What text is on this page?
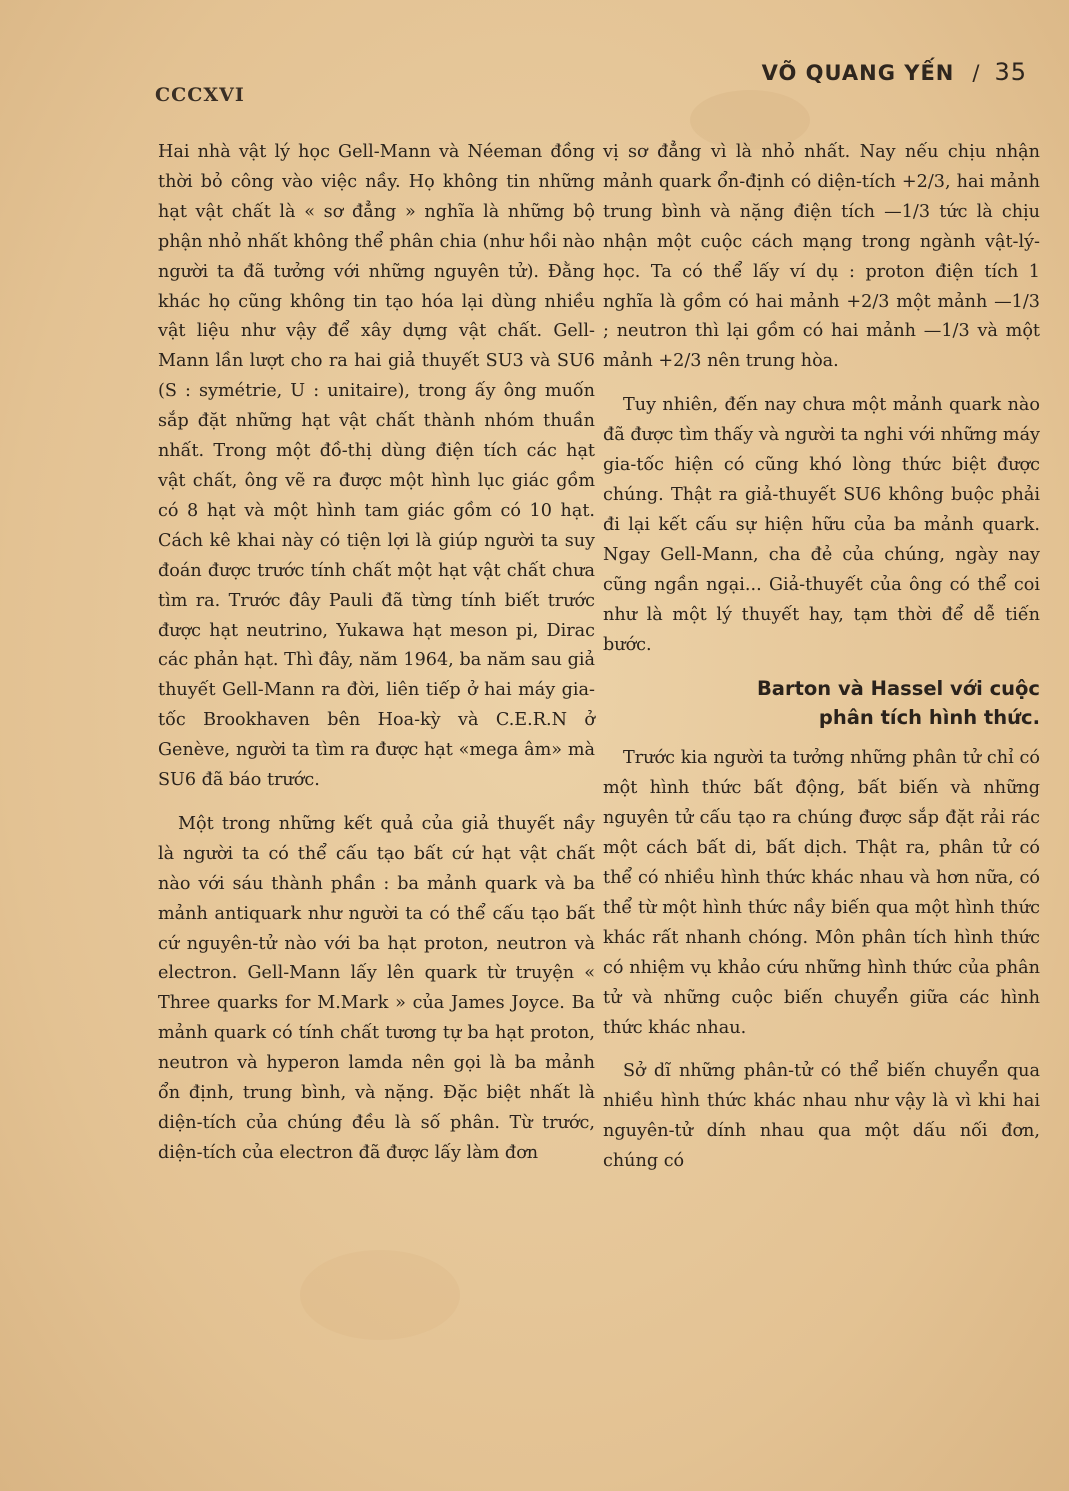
CCCXVI
VÕ QUANG YẾN / 35

Hai nhà vật lý học Gell-Mann và Néeman đồng thời bỏ công vào việc nầy. Họ không tin những hạt vật chất là « sơ đẳng » nghĩa là những bộ phận nhỏ nhất không thể phân chia (như hồi nào người ta đã tưởng với những nguyên tử). Đằng khác họ cũng không tin tạo hóa lại dùng nhiều vật liệu như vậy để xây dựng vật chất. Gell-Mann lần lượt cho ra hai giả thuyết SU3 và SU6 (S : symétrie, U : unitaire), trong ấy ông muốn sắp đặt những hạt vật chất thành nhóm thuần nhất. Trong một đồ-thị dùng điện tích các hạt vật chất, ông vẽ ra được một hình lục giác gồm có 8 hạt và một hình tam giác gồm có 10 hạt. Cách kê khai này có tiện lợi là giúp người ta suy đoán được trước tính chất một hạt vật chất chưa tìm ra. Trước đây Pauli đã từng tính biết trước được hạt neutrino, Yukawa hạt meson pi, Dirac các phản hạt. Thì đây, năm 1964, ba năm sau giả thuyết Gell-Mann ra đời, liên tiếp ở hai máy gia-tốc Brookhaven bên Hoa-kỳ và C.E.R.N ở Genève, người ta tìm ra được hạt «mega âm» mà SU6 đã báo trước.

Một trong những kết quả của giả thuyết nầy là người ta có thể cấu tạo bất cứ hạt vật chất nào với sáu thành phần : ba mảnh quark và ba mảnh antiquark như người ta có thể cấu tạo bất cứ nguyên-tử nào với ba hạt proton, neutron và electron. Gell-Mann lấy lên quark từ truyện « Three quarks for M.Mark » của James Joyce. Ba mảnh quark có tính chất tương tự ba hạt proton, neutron và hyperon lamda nên gọi là ba mảnh ổn định, trung bình, và nặng. Đặc biệt nhất là diện-tích của chúng đều là số phân. Từ trước, diện-tích của electron đã được lấy làm đơn

vị sơ đẳng vì là nhỏ nhất. Nay nếu chịu nhận mảnh quark ổn-định có diện-tích +2/3, hai mảnh trung bình và nặng điện tích —1/3 tức là chịu nhận một cuộc cách mạng trong ngành vật-lý-học. Ta có thể lấy ví dụ : proton điện tích 1 nghĩa là gồm có hai mảnh +2/3 một mảnh —1/3 ; neutron thì lại gồm có hai mảnh —1/3 và một mảnh +2/3 nên trung hòa.

Tuy nhiên, đến nay chưa một mảnh quark nào đã được tìm thấy và người ta nghi với những máy gia-tốc hiện có cũng khó lòng thức biệt được chúng. Thật ra giả-thuyết SU6 không buộc phải đi lại kết cấu sự hiện hữu của ba mảnh quark. Ngay Gell-Mann, cha đẻ của chúng, ngày nay cũng ngần ngại... Giả-thuyết của ông có thể coi như là một lý thuyết hay, tạm thời để dễ tiến bước.

Barton và Hassel với cuộc
phân tích hình thức.

Trước kia người ta tưởng những phân tử chỉ có một hình thức bất động, bất biến và những nguyên tử cấu tạo ra chúng được sắp đặt rải rác một cách bất di, bất dịch. Thật ra, phân tử có thể có nhiều hình thức khác nhau và hơn nữa, có thể từ một hình thức nầy biến qua một hình thức khác rất nhanh chóng. Môn phân tích hình thức có nhiệm vụ khảo cứu những hình thức của phân tử và những cuộc biến chuyển giữa các hình thức khác nhau.

Sở dĩ những phân-tử có thể biến chuyển qua nhiều hình thức khác nhau như vậy là vì khi hai nguyên-tử dính nhau qua một dấu nối đơn, chúng có
